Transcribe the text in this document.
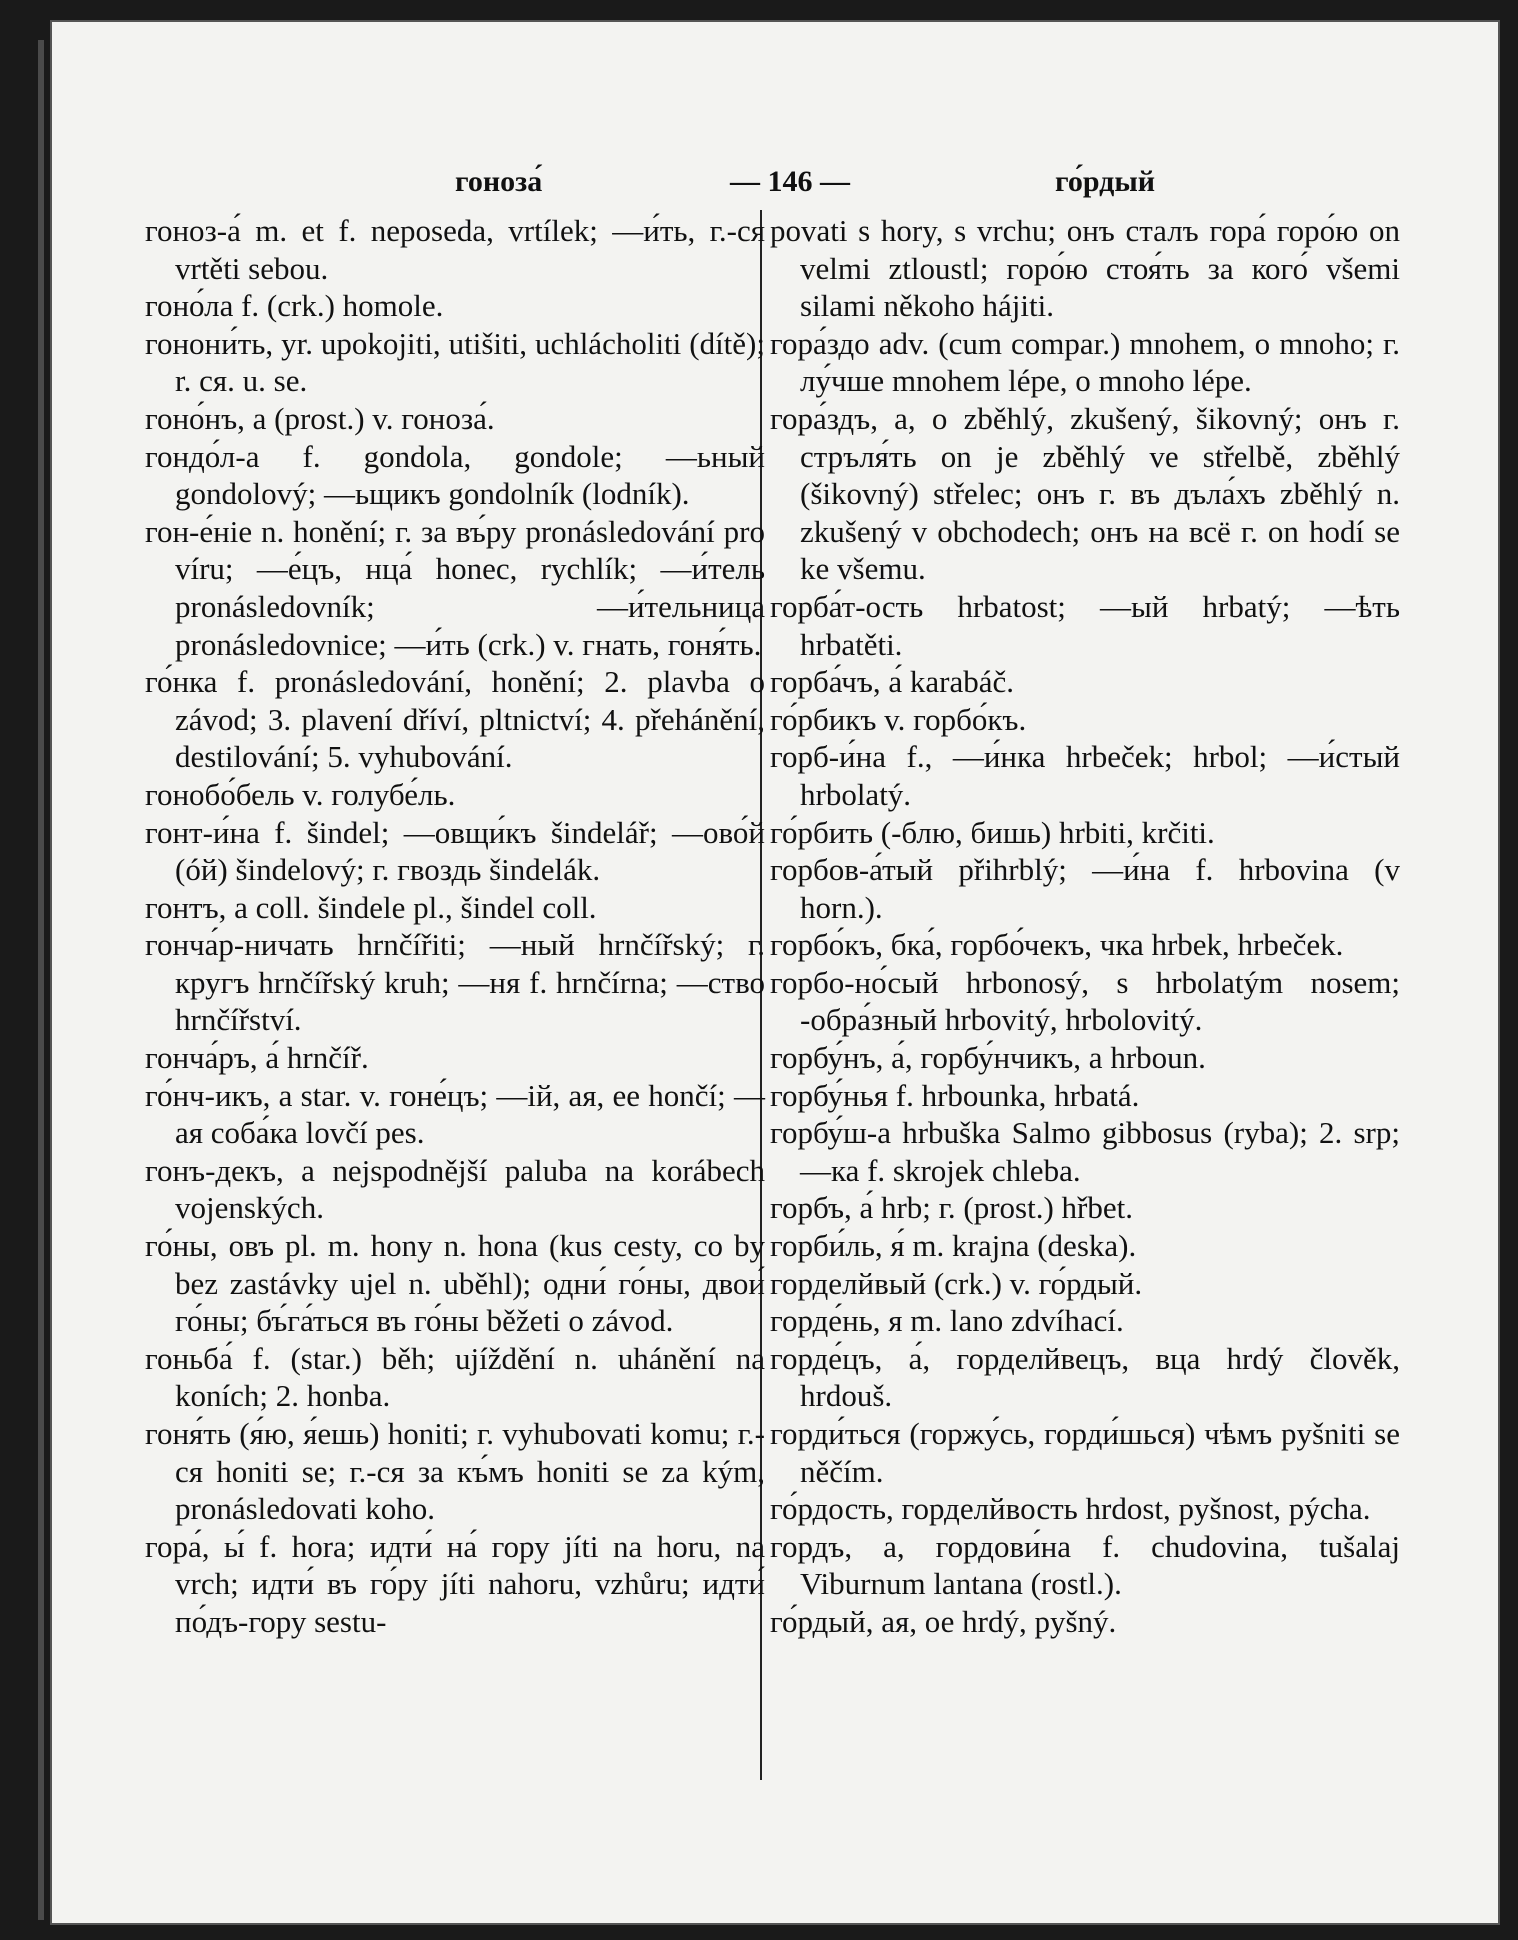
гоноза́	— 146 —	го́рдый

гоноз-а́ m. et f. neposeda, vrtílek; —и́ть, г.-ся vrtěti sebou.

гоно́ла f. (crk.) homole.

гонони́ть, yr. upokojiti, utišiti, uchlácholiti (dítě); r. ся. u. se.

гоно́нъ, а (prost.) v. гоноза́.

гондо́л-а f. gondola, gondole; —ьный gondolový; —ьщикъ gondolník (lodník).

гон-е́ніе n. honění; г. за въ́ру pronásledování pro víru; —е́цъ, нца́ honec, rychlík; —и́тель pronásledovník; —и́тельница pronásledovnice; —и́ть (crk.) v. гнать, гоня́ть.

го́нка f. pronásledování, honění; 2. plavba o závod; 3. plavení dříví, pltnictví; 4. přehánění, destilování; 5. vyhubování.

гонобо́бель v. голубе́ль.

гонт-и́на f. šindel; —овщи́къ šindelář; —ово́й (óй) šindelový; г. гвоздь šindelák.

гонтъ, а coll. šindele pl., šindel coll.

гонча́р-ничать hrnčířiti; —ный hrnčířský; г. кругъ hrnčířský kruh; —ня f. hrnčírna; —ство hrnčířství.

гонча́ръ, а́ hrnčíř.

го́нч-икъ, а star. v. гоне́цъ; —ій, ая, ее hončí; —ая соба́ка lovčí pes.

гонъ-декъ, а nejspodnější paluba na korábech vojenských.

го́ны, овъ pl. m. hony n. hona (kus cesty, co by bez zastávky ujel n. uběhl); одни́ го́ны, двои́ го́ны; бъ́га́ться въ го́ны běžeti o závod.

гоньба́ f. (star.) běh; ujíždění n. uhánění na koních; 2. honba.

гоня́ть (я́ю, я́ешь) honiti; г. vyhubovati komu; г.-ся honiti se; г.-ся за къ́мъ honiti se za kým, pronásledovati koho.

гора́, ы́ f. hora; идти́ на́ гору jíti na horu, na vrch; идти́ въ го́ру jíti nahoru, vzhůru; идти́ по́дъ-гору sestu-

povati s hory, s vrchu; онъ сталъ гора́ горо́ю on velmi ztloustl; горо́ю стоя́ть за кого́ všemi silami někoho hájiti.

гора́здо adv. (cum compar.) mnohem, o mnoho; г. лу́чше mnohem lépe, o mnoho lépe.

гора́здъ, а, о zběhlý, zkušený, šikovný; онъ г. стръля́ть on je zběhlý ve střelbě, zběhlý (šikovný) střelec; онъ г. въ дъла́хъ zběhlý n. zkušený v obchodech; онъ на всё г. on hodí se ke všemu.

горба́т-ость hrbatost; —ый hrbatý; —ѣть hrbatěti.

горба́чъ, а́ karabáč.

го́рбикъ v. горбо́къ.

горб-и́на f., —и́нка hrbeček; hrbol; —и́стый hrbolatý.

го́рбить (-блю, бишь) hrbiti, krčiti.

горбов-а́тый přihrblý; —и́на f. hrbovina (v horn.).

горбо́къ, бка́, горбо́чекъ, чка hrbek, hrbeček.

горбо-но́сый hrbonosý, s hrbolatým nosem; -обра́зный hrbovitý, hrbolovitý.

горбу́нъ, а́, горбу́нчикъ, а hrboun.

горбу́нья f. hrbounka, hrbatá.

горбу́ш-а hrbuška Salmo gibbosus (ryba); 2. srp; —ка f. skrojek chleba.

горбъ, а́ hrb; г. (prost.) hřbet.

горби́ль, я́ m. krajna (deska).

горделйвый (crk.) v. го́рдый.

горде́нь, я m. lano zdvíhací.

горде́цъ, а́, горделйвецъ, вца hrdý člověk, hrdouš.

горди́ться (горжу́сь, горди́шься) чѣмъ pyšniti se něčím.

го́рдость, горделйвость hrdost, pyšnost, pýcha.

гордъ, а, гордови́на f. chudovina, tušalaj Viburnum lantana (rostl.).

го́рдый, ая, ое hrdý, pyšný.
